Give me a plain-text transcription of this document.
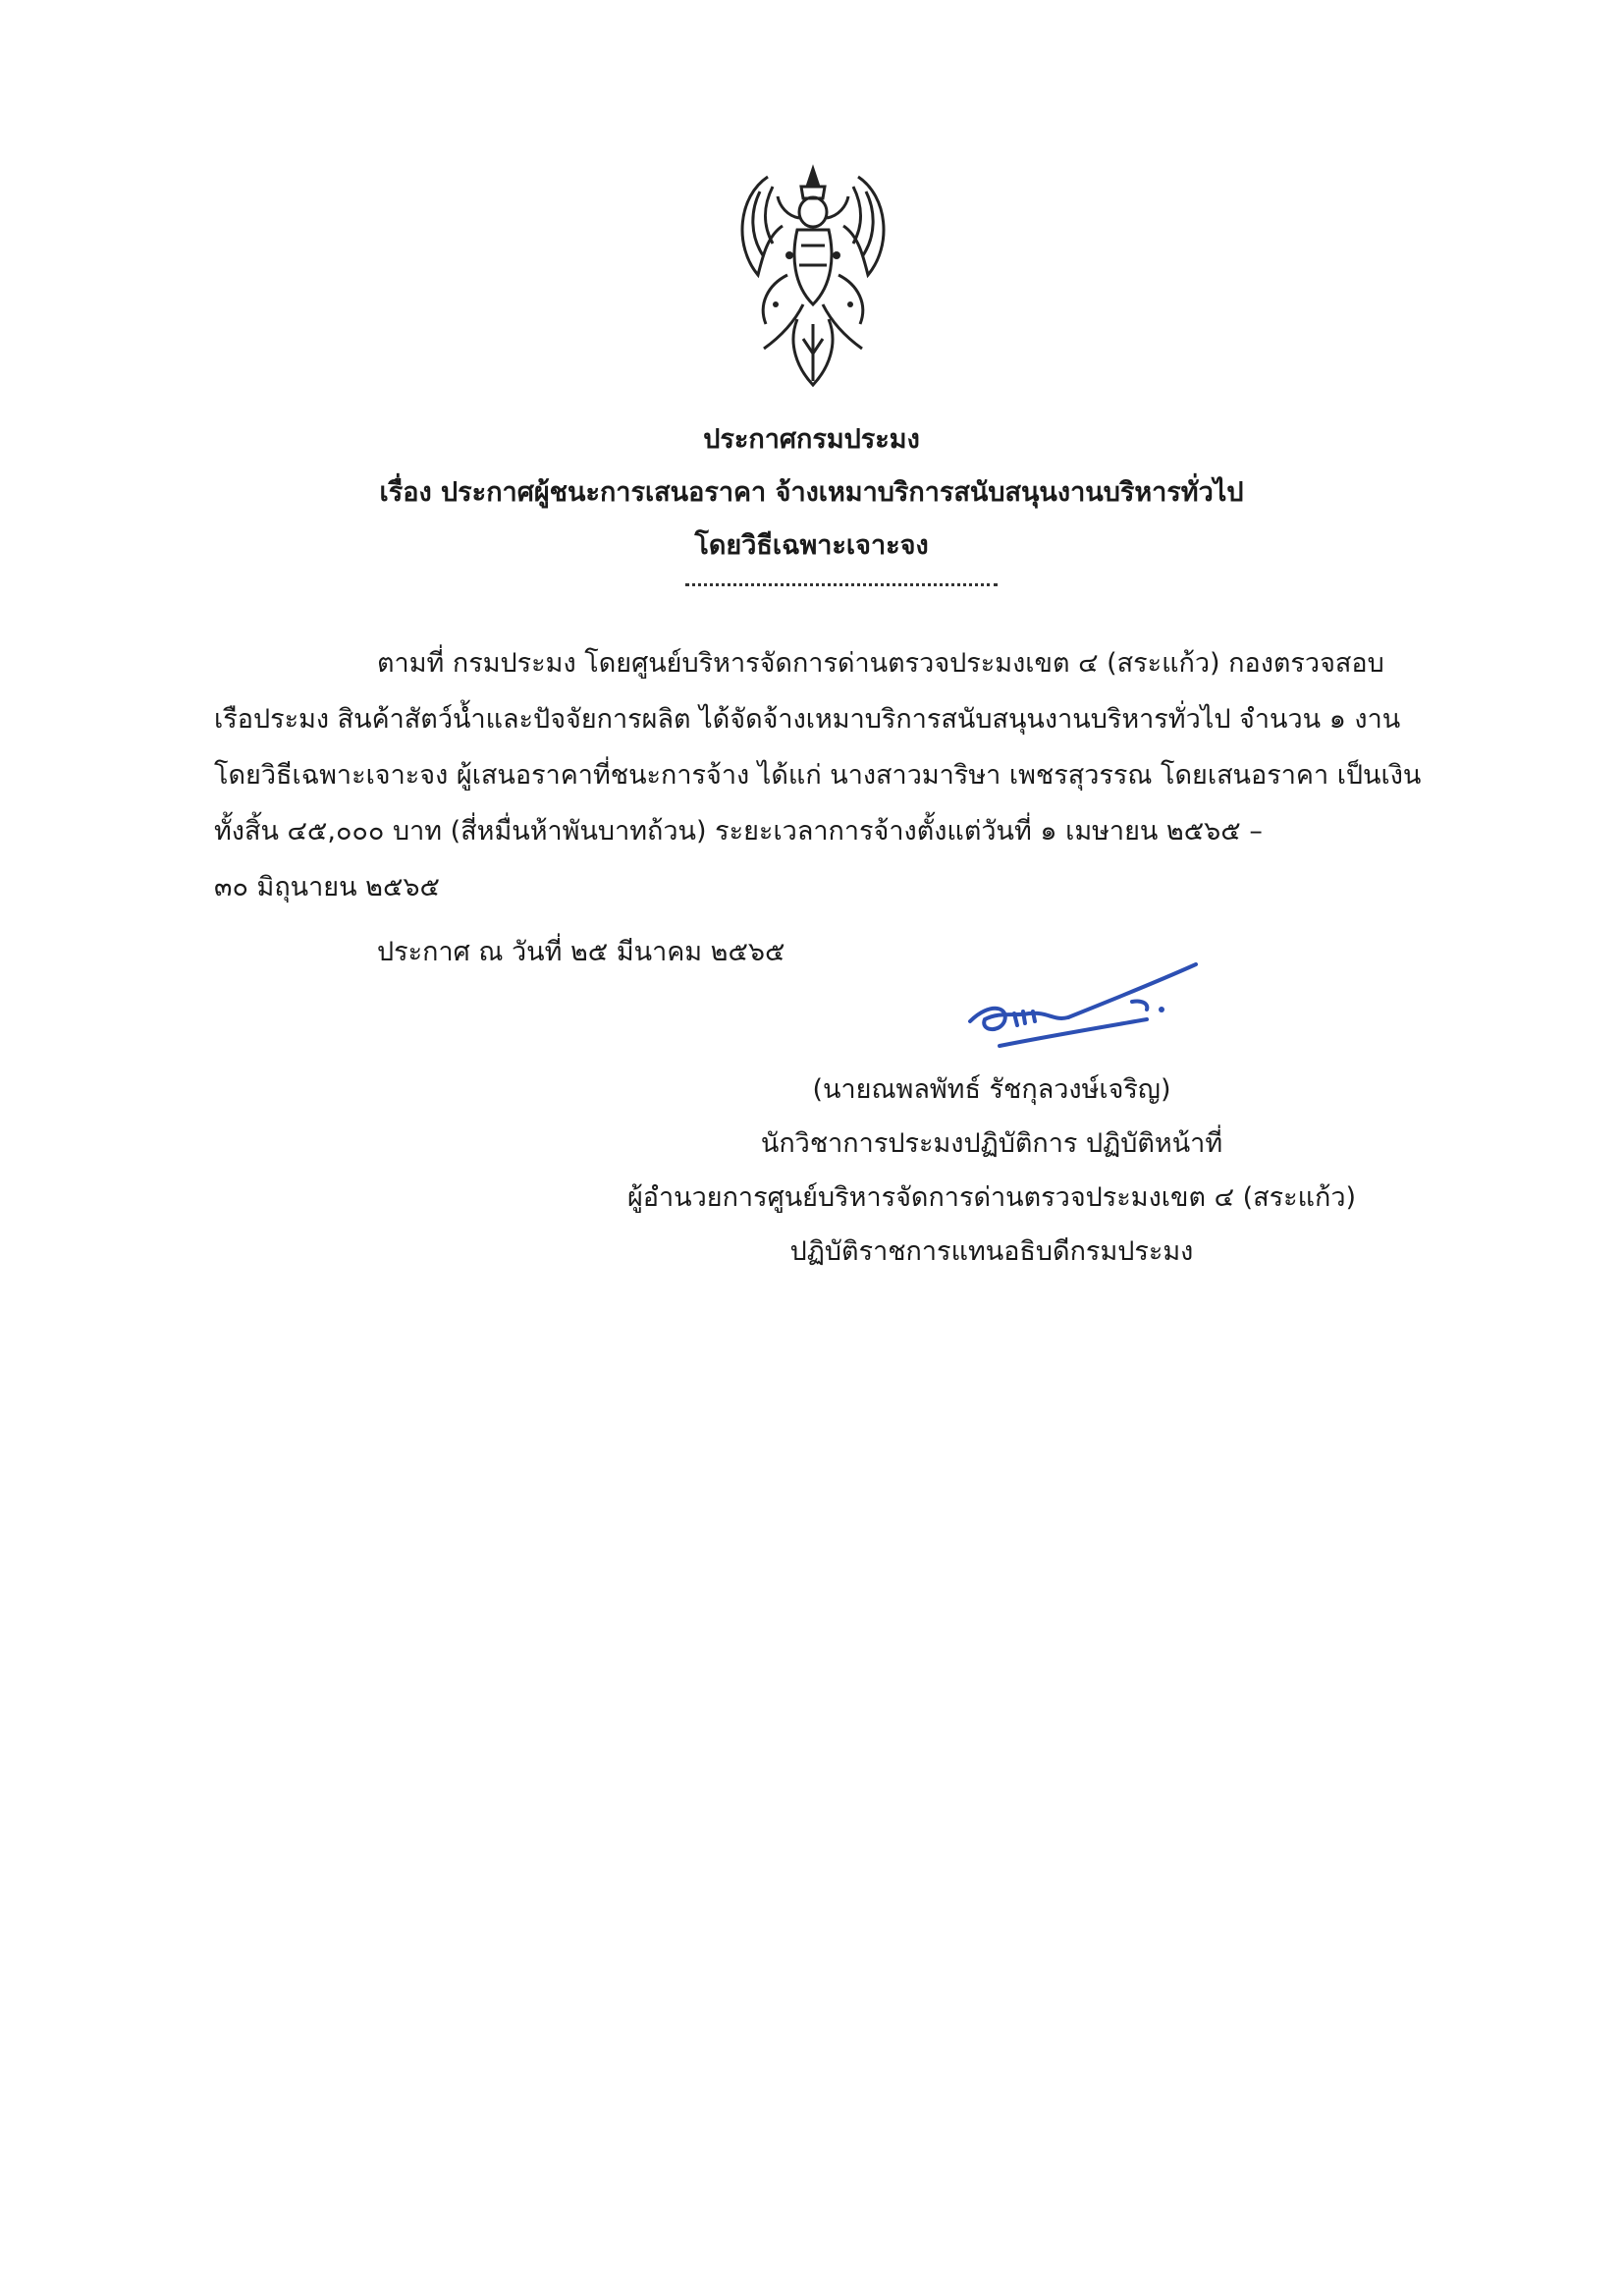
ประกาศกรมประมง
เรื่อง ประกาศผู้ชนะการเสนอราคา จ้างเหมาบริการสนับสนุนงานบริหารทั่วไป
โดยวิธีเฉพาะเจาะจง
ตามที่ กรมประมง โดยศูนย์บริหารจัดการด่านตรวจประมงเขต ๔ (สระแก้ว) กองตรวจสอบ
เรือประมง สินค้าสัตว์น้ำและปัจจัยการผลิต ได้จัดจ้างเหมาบริการสนับสนุนงานบริหารทั่วไป จำนวน ๑ งาน
โดยวิธีเฉพาะเจาะจง ผู้เสนอราคาที่ชนะการจ้าง ได้แก่ นางสาวมาริษา เพชรสุวรรณ โดยเสนอราคา เป็นเงิน
ทั้งสิ้น ๔๕,๐๐๐ บาท (สี่หมื่นห้าพันบาทถ้วน) ระยะเวลาการจ้างตั้งแต่วันที่ ๑ เมษายน ๒๕๖๕ –
๓๐ มิถุนายน ๒๕๖๕
ประกาศ ณ วันที่ ๒๕ มีนาคม ๒๕๖๕
(นายณพลพัทธ์ รัชกุลวงษ์เจริญ)
นักวิชาการประมงปฏิบัติการ ปฏิบัติหน้าที่
ผู้อำนวยการศูนย์บริหารจัดการด่านตรวจประมงเขต ๔ (สระแก้ว)
ปฏิบัติราชการแทนอธิบดีกรมประมง
